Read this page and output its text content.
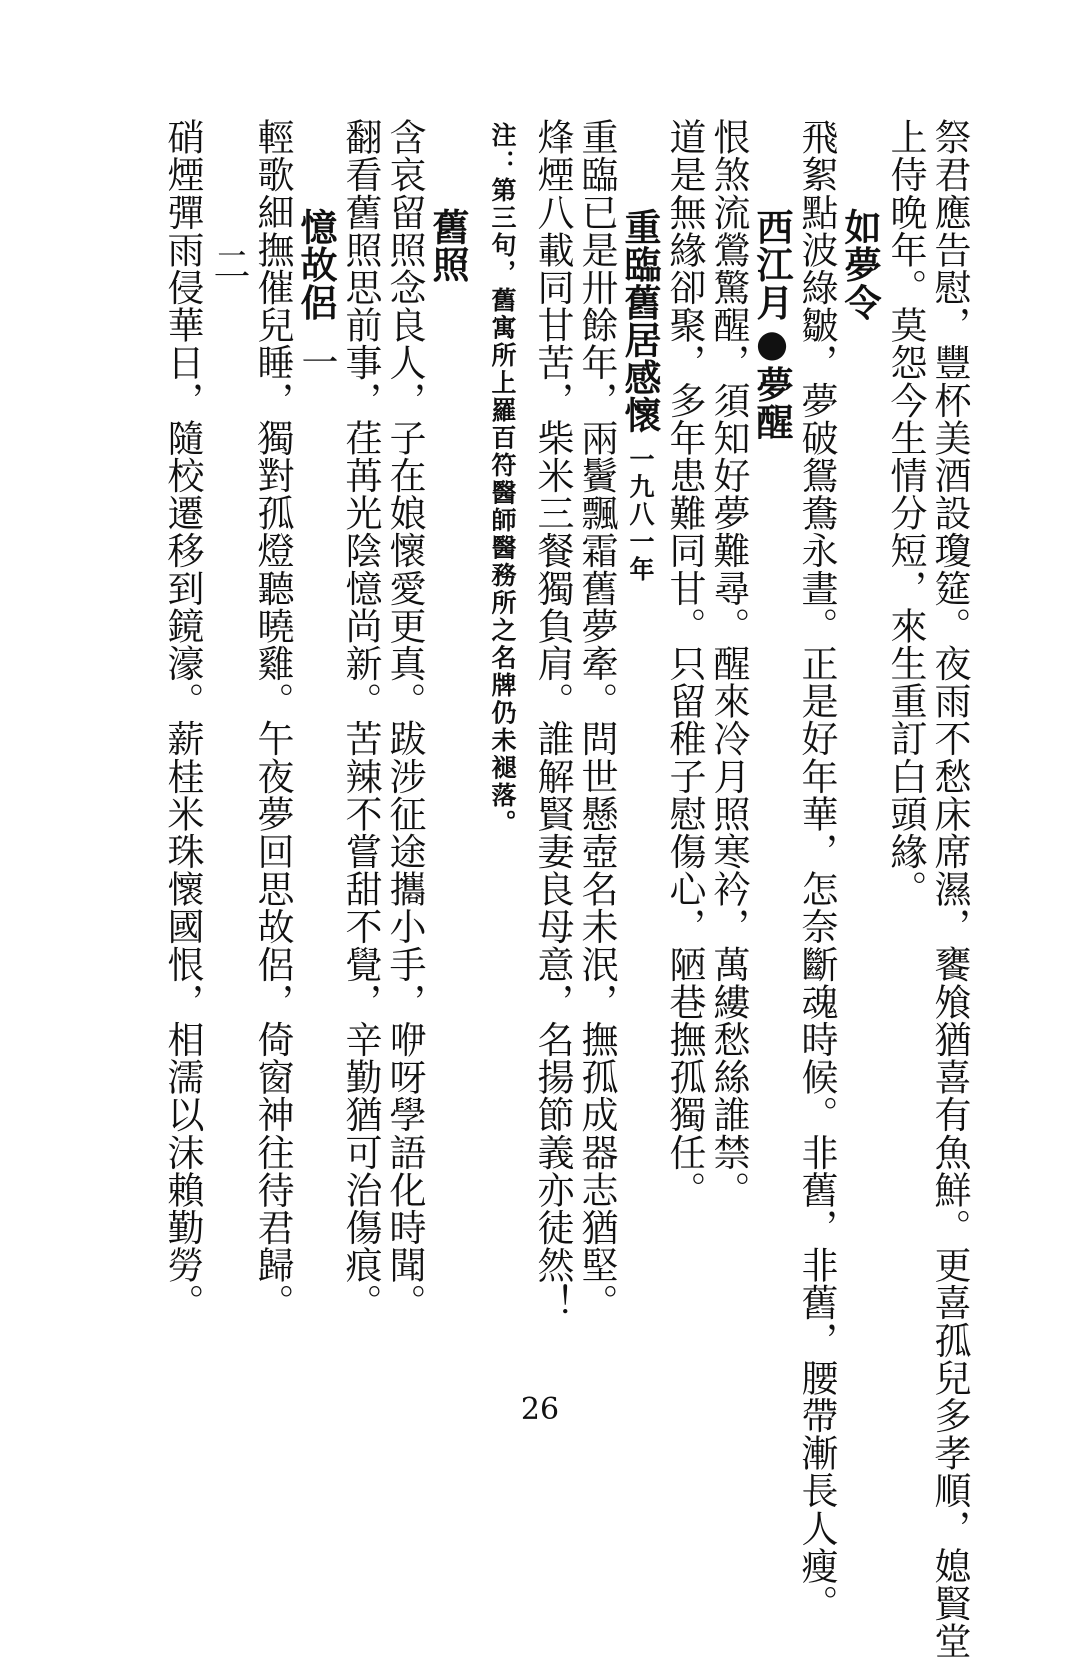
祭君應告慰，豐杯美酒設瓊筵。夜雨不愁床席濕，饔飧猶喜有魚鮮。更喜孤兒多孝順，媳賢堂
上侍晚年。莫怨今生情分短，來生重訂白頭緣。
如夢令
飛絮點波綠皺，夢破鴛鴦永晝。正是好年華，怎奈斷魂時候。非舊，非舊，腰帶漸長人瘦。
西江月●夢醒
恨煞流鶯驚醒，須知好夢難尋。醒來冷月照寒衿，萬縷愁絲誰禁。
道是無緣卻聚，多年患難同甘。只留稚子慰傷心，陋巷撫孤獨任。
重臨舊居感懷一九八一年
重臨已是卅餘年，兩鬢飄霜舊夢牽。問世懸壺名未泯，撫孤成器志猶堅。
烽煙八載同甘苦，柴米三餐獨負肩。誰解賢妻良母意，名揚節義亦徒然！
注：第三句，舊寓所上羅百符醫師醫務所之名牌仍未褪落。
舊照
含哀留照念良人，子在娘懷愛更真。跋涉征途攜小手，咿呀學語化時聞。
翻看舊照思前事，荏苒光陰憶尚新。苦辣不嘗甜不覺，辛勤猶可治傷痕。
憶故侶一
輕歌細撫催兒睡，獨對孤燈聽曉雞。午夜夢回思故侶，倚窗神往待君歸。
二
硝煙彈雨侵華日，隨校遷移到鏡濠。薪桂米珠懷國恨，相濡以沫賴勤勞。
26
